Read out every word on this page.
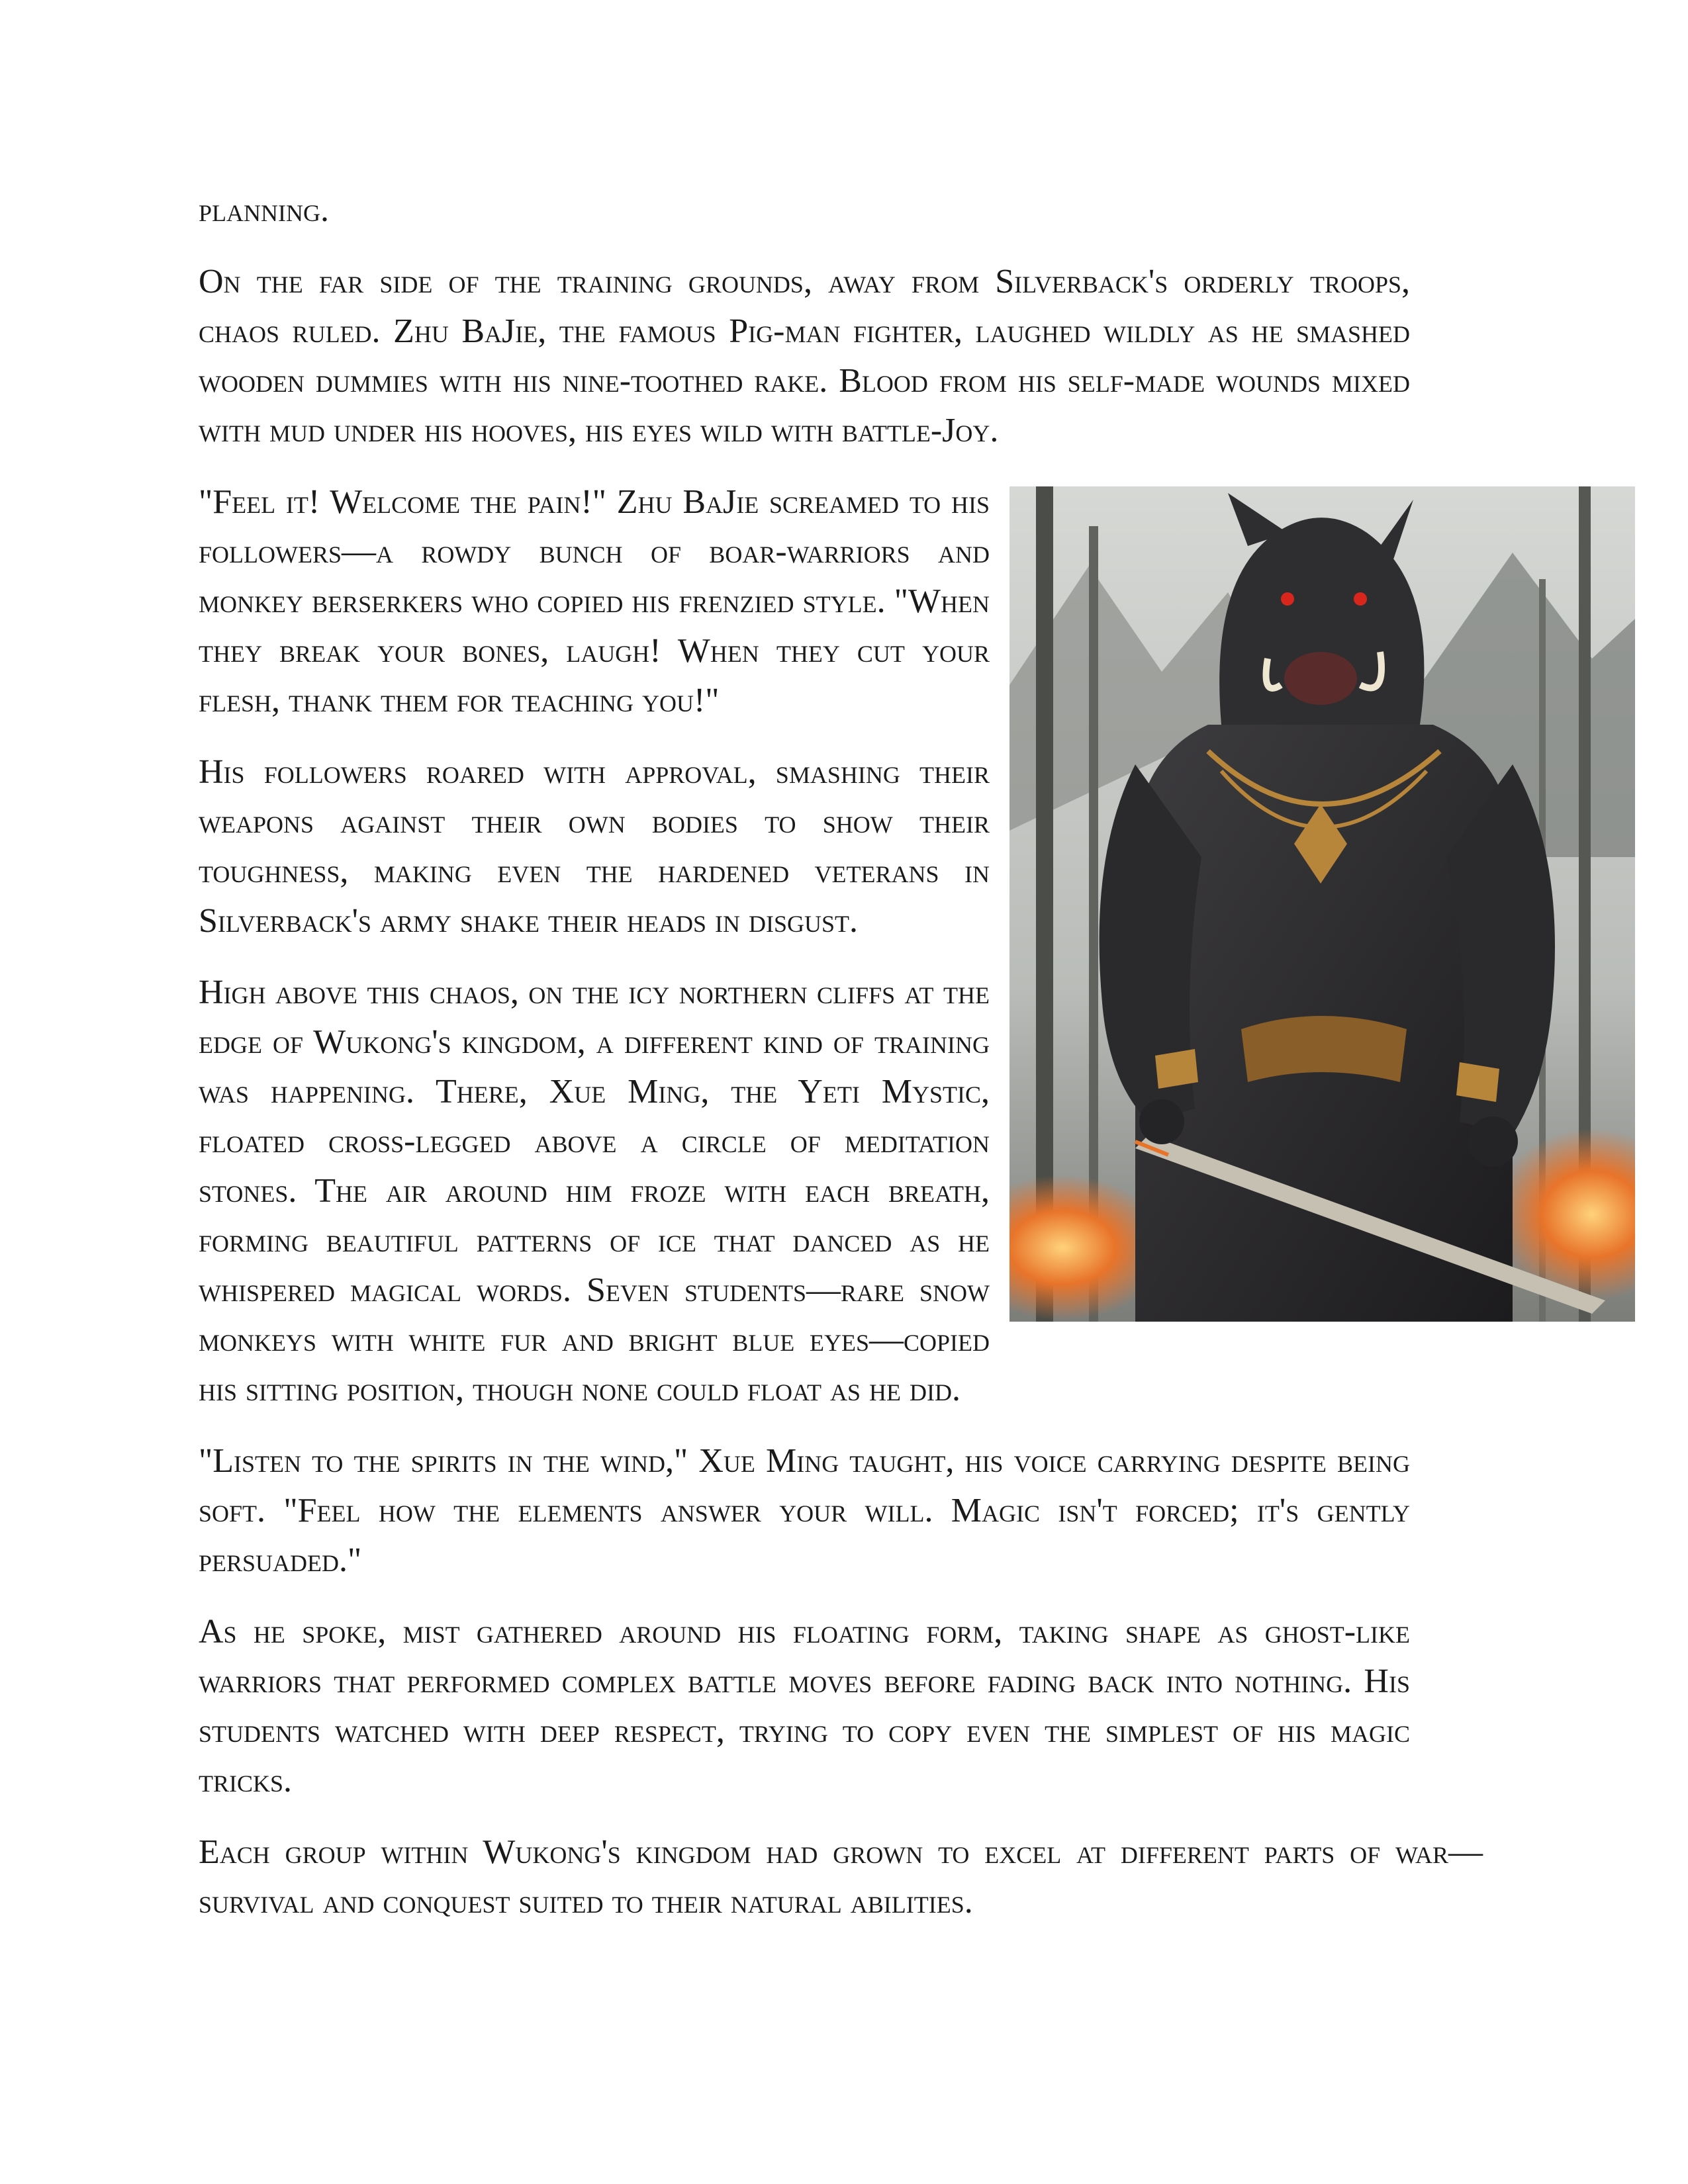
planning.

On the far side of the training grounds, away from Silverback's orderly troops, chaos ruled. Zhu BaJie, the famous Pig-man fighter, laughed wildly as he smashed wooden dummies with his nine-toothed rake. Blood from his self-made wounds mixed with mud under his hooves, his eyes wild with battle-Joy.

"Feel it! Welcome the pain!" Zhu BaJie screamed to his followers—a rowdy bunch of boar-warriors and monkey berserkers who copied his frenzied style. "When they break your bones, laugh! When they cut your flesh, thank them for teaching you!"

His followers roared with approval, smashing their weapons against their own bodies to show their toughness, making even the hardened veterans in Silverback's army shake their heads in disgust.

High above this chaos, on the icy northern cliffs at the edge of Wukong's kingdom, a different kind of training was happening. There, Xue Ming, the Yeti Mystic, floated cross-legged above a circle of meditation stones. The air around him froze with each breath, forming beautiful patterns of ice that danced as he whispered magical words. Seven students—rare snow monkeys with white fur and bright blue eyes—copied his sitting position, though none could float as he did.

"Listen to the spirits in the wind," Xue Ming taught, his voice carrying despite being soft. "Feel how the elements answer your will. Magic isn't forced; it's gently persuaded."

As he spoke, mist gathered around his floating form, taking shape as ghost-like warriors that performed complex battle moves before fading back into nothing. His students watched with deep respect, trying to copy even the simplest of his magic tricks.

Each group within Wukong's kingdom had grown to excel at different parts of war— survival and conquest suited to their natural abilities.
